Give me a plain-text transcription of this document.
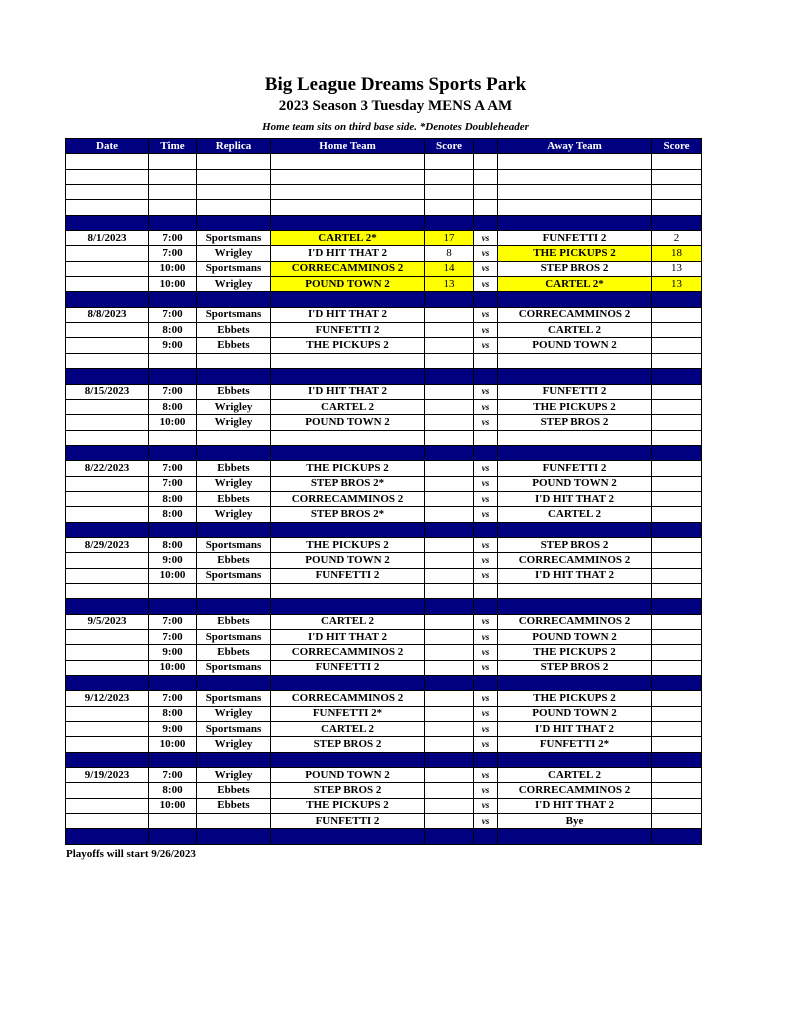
Big League Dreams Sports Park
2023 Season 3 Tuesday MENS A AM
Home team sits on third base side. *Denotes Doubleheader
Date	Time	Replica	Home Team	Score		Away Team	Score

8/1/2023	7:00	Sportsmans	CARTEL 2*	17	vs	FUNFETTI 2	2
	7:00	Wrigley	I'D HIT THAT 2	8	vs	THE PICKUPS 2	18
	10:00	Sportsmans	CORRECAMMINOS 2	14	vs	STEP BROS 2	13
	10:00	Wrigley	POUND TOWN 2	13	vs	CARTEL 2*	13

8/8/2023	7:00	Sportsmans	I'D HIT THAT 2		vs	CORRECAMMINOS 2	
	8:00	Ebbets	FUNFETTI 2		vs	CARTEL 2	
	9:00	Ebbets	THE PICKUPS 2		vs	POUND TOWN 2	

8/15/2023	7:00	Ebbets	I'D HIT THAT 2		vs	FUNFETTI 2	
	8:00	Wrigley	CARTEL 2		vs	THE PICKUPS 2	
	10:00	Wrigley	POUND TOWN 2		vs	STEP BROS 2	

8/22/2023	7:00	Ebbets	THE PICKUPS 2		vs	FUNFETTI 2	
	7:00	Wrigley	STEP BROS 2*		vs	POUND TOWN 2	
	8:00	Ebbets	CORRECAMMINOS 2		vs	I'D HIT THAT 2	
	8:00	Wrigley	STEP BROS 2*		vs	CARTEL 2	

8/29/2023	8:00	Sportsmans	THE PICKUPS 2		vs	STEP BROS 2	
	9:00	Ebbets	POUND TOWN 2		vs	CORRECAMMINOS 2	
	10:00	Sportsmans	FUNFETTI 2		vs	I'D HIT THAT 2	

9/5/2023	7:00	Ebbets	CARTEL 2		vs	CORRECAMMINOS 2	
	7:00	Sportsmans	I'D HIT THAT 2		vs	POUND TOWN 2	
	9:00	Ebbets	CORRECAMMINOS 2		vs	THE PICKUPS 2	
	10:00	Sportsmans	FUNFETTI 2		vs	STEP BROS 2	

9/12/2023	7:00	Sportsmans	CORRECAMMINOS 2		vs	THE PICKUPS 2	
	8:00	Wrigley	FUNFETTI 2*		vs	POUND TOWN 2	
	9:00	Sportsmans	CARTEL 2		vs	I'D HIT THAT 2	
	10:00	Wrigley	STEP BROS 2		vs	FUNFETTI 2*	

9/19/2023	7:00	Wrigley	POUND TOWN 2		vs	CARTEL 2	
	8:00	Ebbets	STEP BROS 2		vs	CORRECAMMINOS 2	
	10:00	Ebbets	THE PICKUPS 2		vs	I'D HIT THAT 2	
			FUNFETTI 2		vs	Bye	

Playoffs will start 9/26/2023
